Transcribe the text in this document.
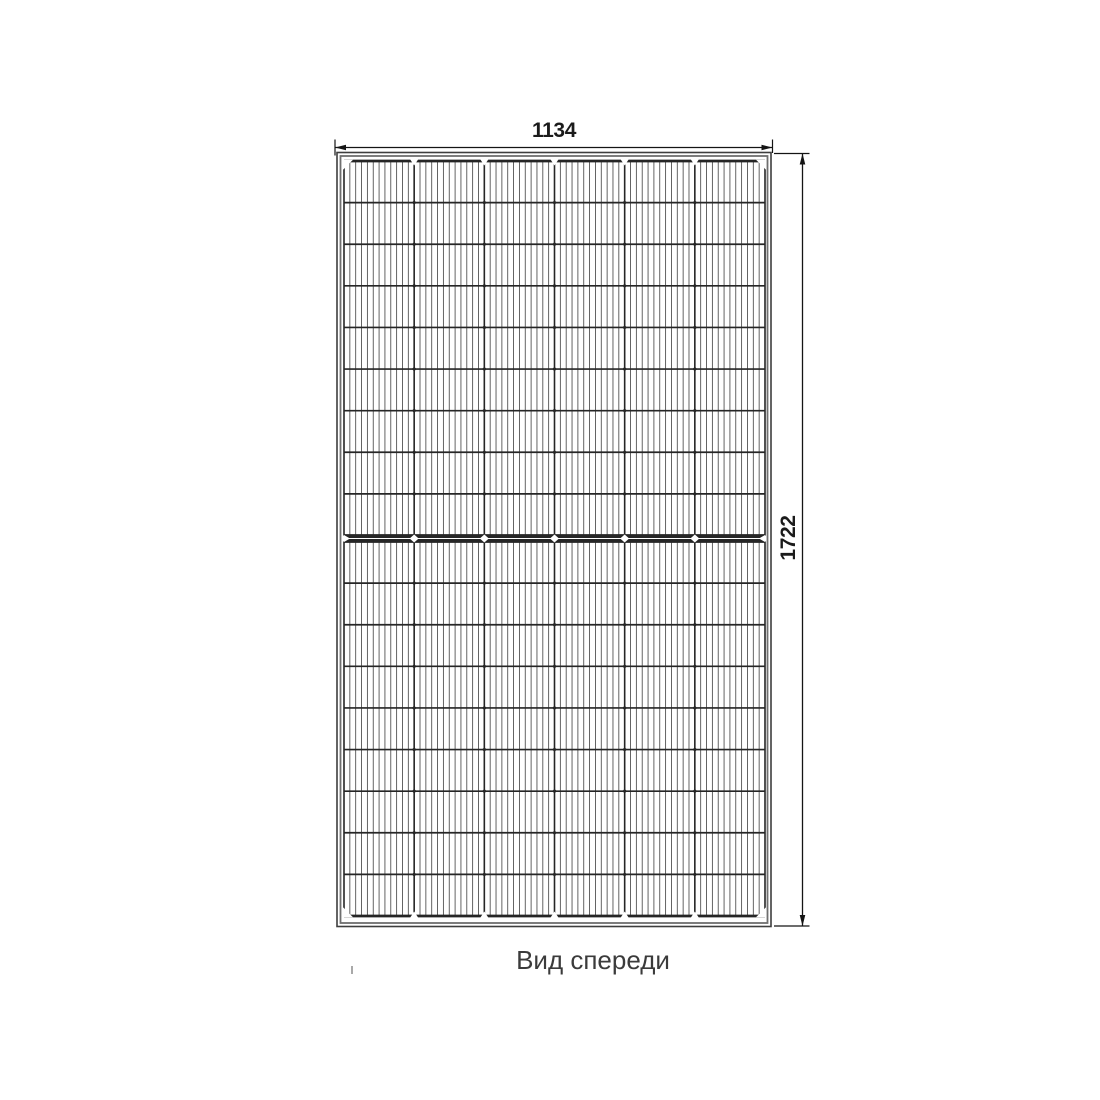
1134
1722
Вид спереди
